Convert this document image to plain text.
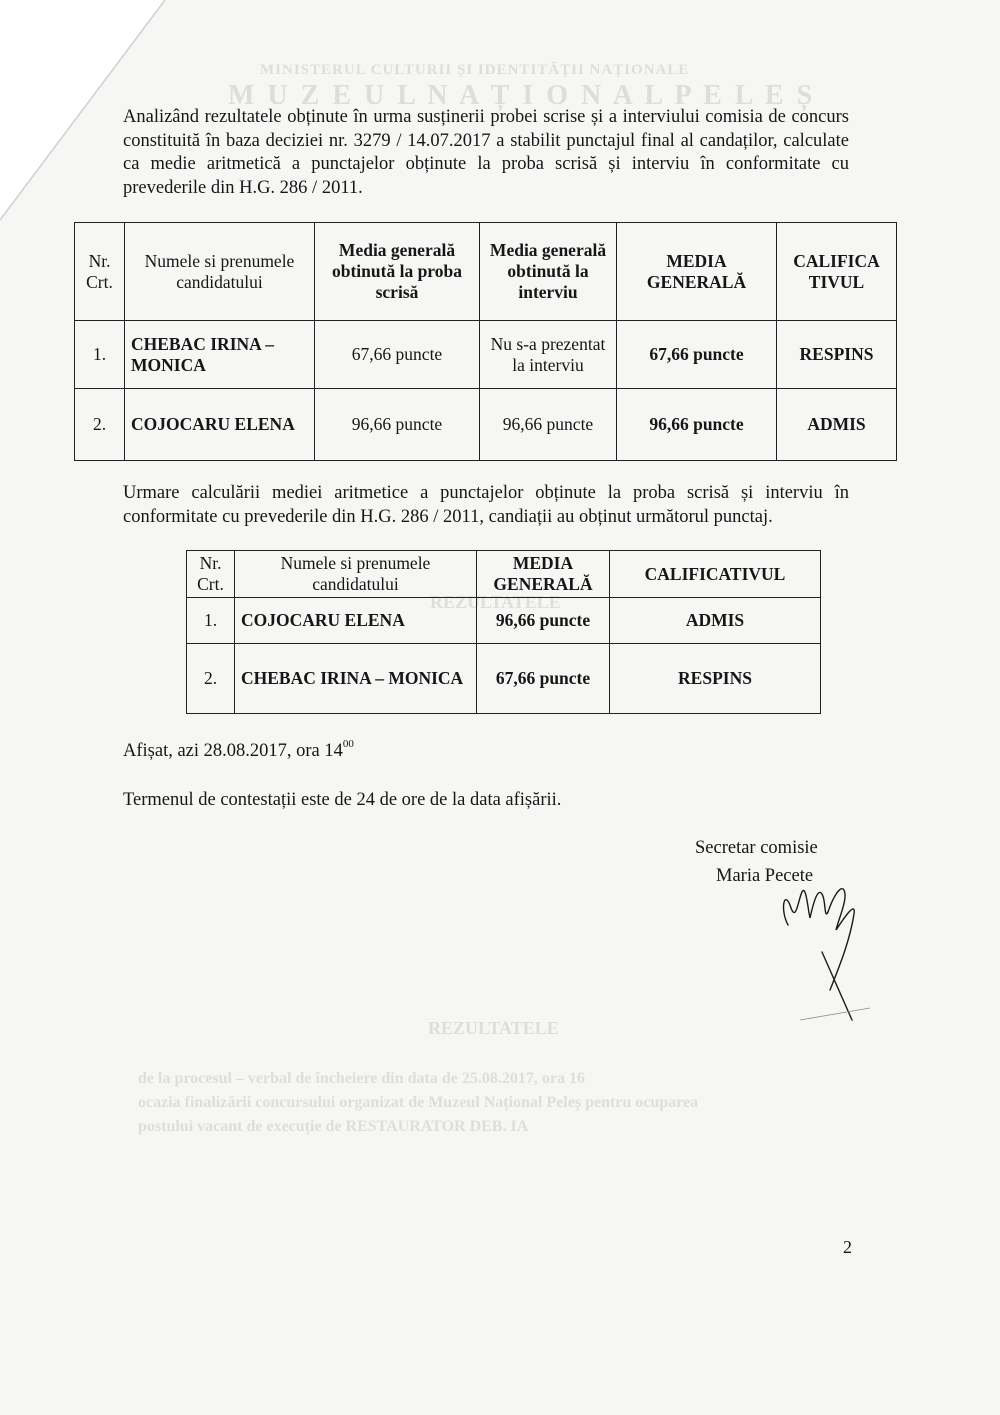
MINISTERUL CULTURII ȘI IDENTITĂȚII NAȚIONALE
M U Z E U L N A Ț I O N A L P E L E Ș
REZULTATELE
REZULTATELE
de la procesul – verbal de încheiere din data de 25.08.2017, ora 16
ocazia finalizării concursului organizat de Muzeul Național Peleș pentru ocuparea
postului vacant de execuție de RESTAURATOR DEB. IA

Analizând rezultatele obținute în urma susținerii probei scrise și a interviului comisia de concurs constituită în baza deciziei nr. 3279 / 14.07.2017 a stabilit punctajul final al candaților, calculate ca medie aritmetică a punctajelor obținute la proba scrisă și interviu în conformitate cu prevederile din H.G. 286 / 2011.

Nr. Crt.	Numele si prenumele candidatului	Media generală obtinută la proba scrisă	Media generală obtinută la interviu	MEDIA GENERALĂ	CALIFICA TIVUL
1.	CHEBAC IRINA – MONICA	67,66 puncte	Nu s-a prezentat la interviu	67,66 puncte	RESPINS
2.	COJOCARU ELENA	96,66 puncte	96,66 puncte	96,66 puncte	ADMIS

Urmare calculării mediei aritmetice a punctajelor obținute la proba scrisă și interviu în conformitate cu prevederile din H.G. 286 / 2011, candiații au obținut următorul punctaj.

Nr. Crt.	Numele si prenumele candidatului	MEDIA GENERALĂ	CALIFICATIVUL
1.	COJOCARU ELENA	96,66 puncte	ADMIS
2.	CHEBAC IRINA – MONICA	67,66 puncte	RESPINS
Afișat, azi 28.08.2017, ora $14^{00}$
Termenul de contestații este de 24 de ore de la data afișării.
Secretar comisie
Maria Pecete
2
